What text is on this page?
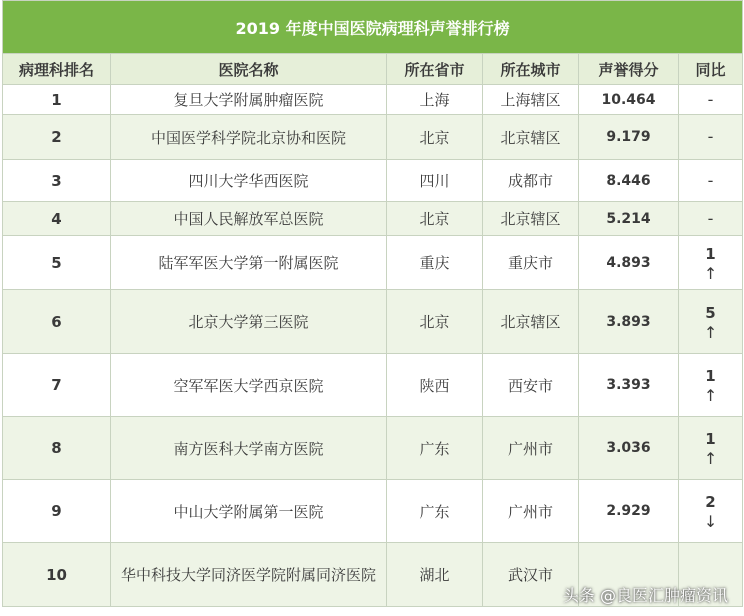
2019 年度中国医院病理科声誉排行榜					
病理科排名	医院名称	所在省市	所在城市	声誉得分	同比
1	复旦大学附属肿瘤医院	上海	上海辖区	10.464	-

2	中国医学科学院北京协和医院	北京	北京辖区	9.179	-

3	四川大学华西医院	四川	成都市	8.446	-

4	中国人民解放军总医院	北京	北京辖区	5.214	-

5	陆军军医大学第一附属医院	重庆	重庆市	4.893	1
↑

6	北京大学第三医院	北京	北京辖区	3.893	5
↑

7	空军军医大学西京医院	陕西	西安市	3.393	1
↑

8	南方医科大学南方医院	广东	广州市	3.036	1
↑

9	中山大学附属第一医院	广东	广州市	2.929	2
↓

10	华中科技大学同济医学院附属同济医院	湖北	武汉市		
头条 @良医汇肿瘤资讯
